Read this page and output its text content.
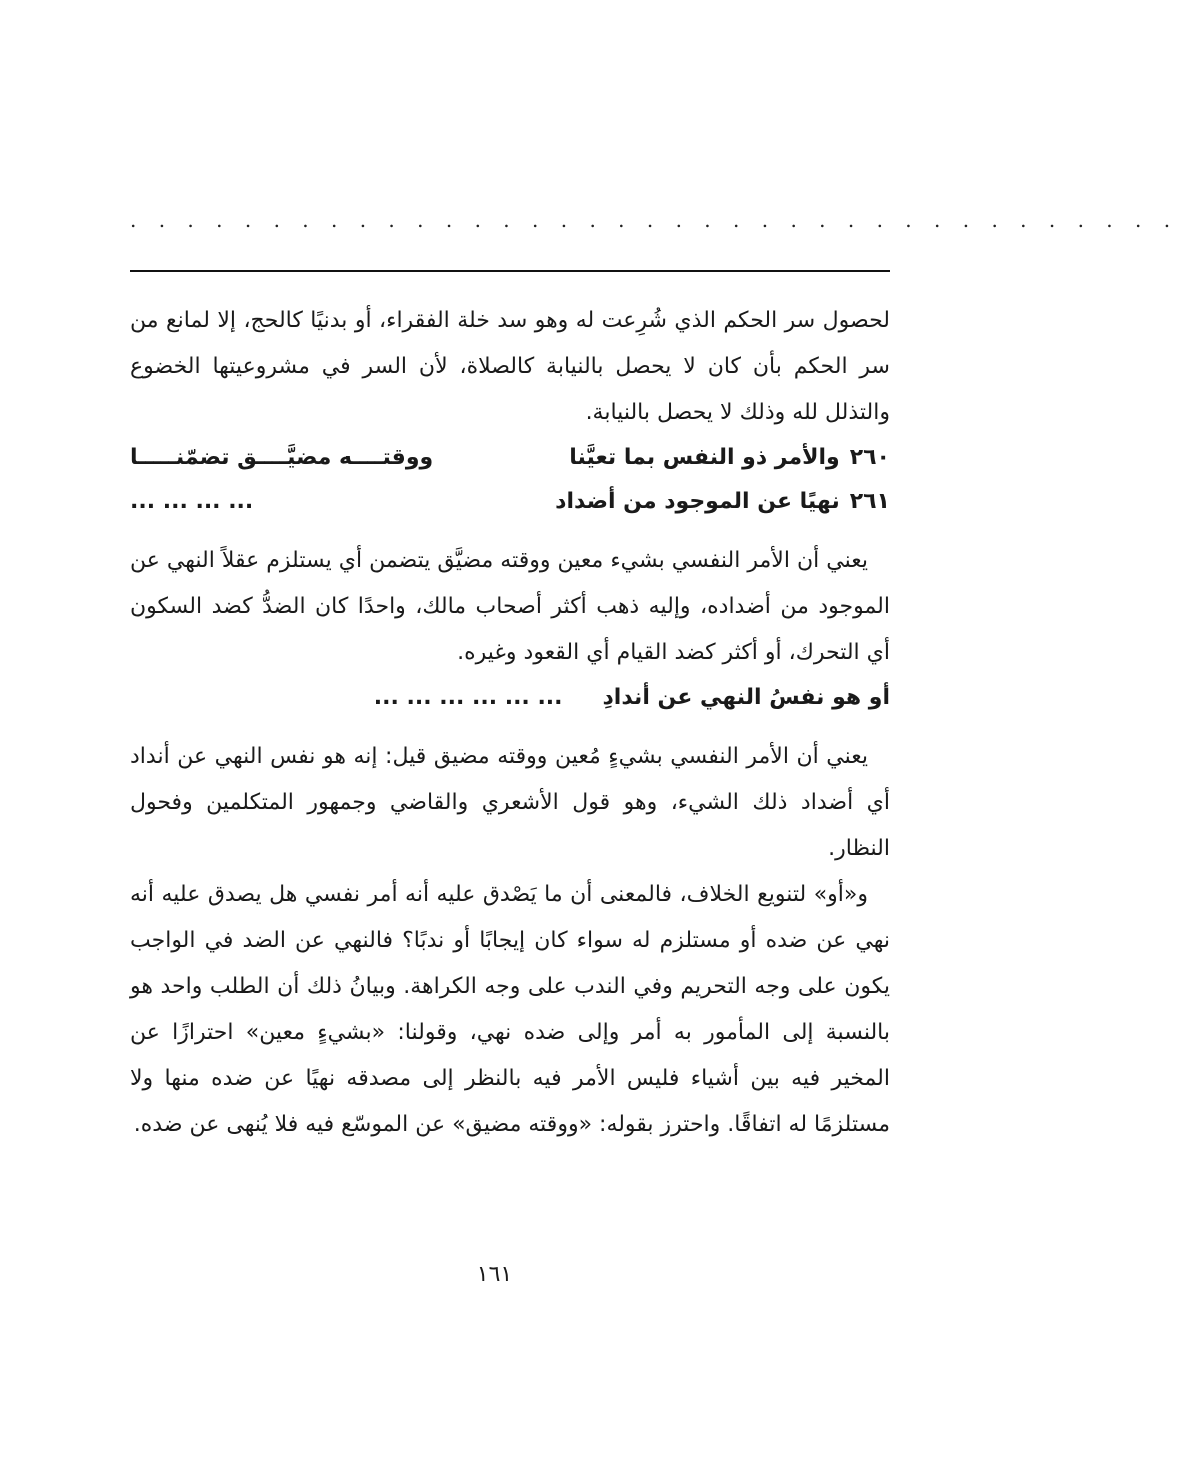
. . . . . . . . . . . . . . . . . . . . . . . . . . . . . . . . . . . . .

لحصول سر الحكم الذي شُرِعت له وهو سد خلة الفقراء، أو بدنيًا كالحج، إلا لمانع من سر الحكم بأن كان لا يحصل بالنيابة كالصلاة، لأن السر في مشروعيتها الخضوع والتذلل لله وذلك لا يحصل بالنيابة.

٢٦٠والأمر ذو النفس بما تعيَّنا
ووقتــــه مضيَّــــق تضمّنـــــا
٢٦١نهيًا عن الموجود من أضداد
... ... ... ...

يعني أن الأمر النفسي بشيء معين ووقته مضيَّق يتضمن أي يستلزم عقلاً النهي عن الموجود من أضداده، وإليه ذهب أكثر أصحاب مالك، واحدًا كان الضدُّ كضد السكون أي التحرك، أو أكثر كضد القيام أي القعود وغيره.

أو هو نفسُ النهي عن أندادِ
... ... ... ... ... ...

يعني أن الأمر النفسي بشيءٍ مُعين ووقته مضيق قيل: إنه هو نفس النهي عن أنداد أي أضداد ذلك الشيء، وهو قول الأشعري والقاضي وجمهور المتكلمين وفحول النظار.

و«أو» لتنويع الخلاف، فالمعنى أن ما يَصْدق عليه أنه أمر نفسي هل يصدق عليه أنه نهي عن ضده أو مستلزم له سواء كان إيجابًا أو ندبًا؟ فالنهي عن الضد في الواجب يكون على وجه التحريم وفي الندب على وجه الكراهة. وبيانُ ذلك أن الطلب واحد هو بالنسبة إلى المأمور به أمر وإلى ضده نهي، وقولنا: «بشيءٍ معين» احترازًا عن المخير فيه بين أشياء فليس الأمر فيه بالنظر إلى مصدقه نهيًا عن ضده منها ولا مستلزمًا له اتفاقًا. واحترز بقوله: «ووقته مضيق» عن الموسّع فيه فلا يُنهى عن ضده.

١٦١
